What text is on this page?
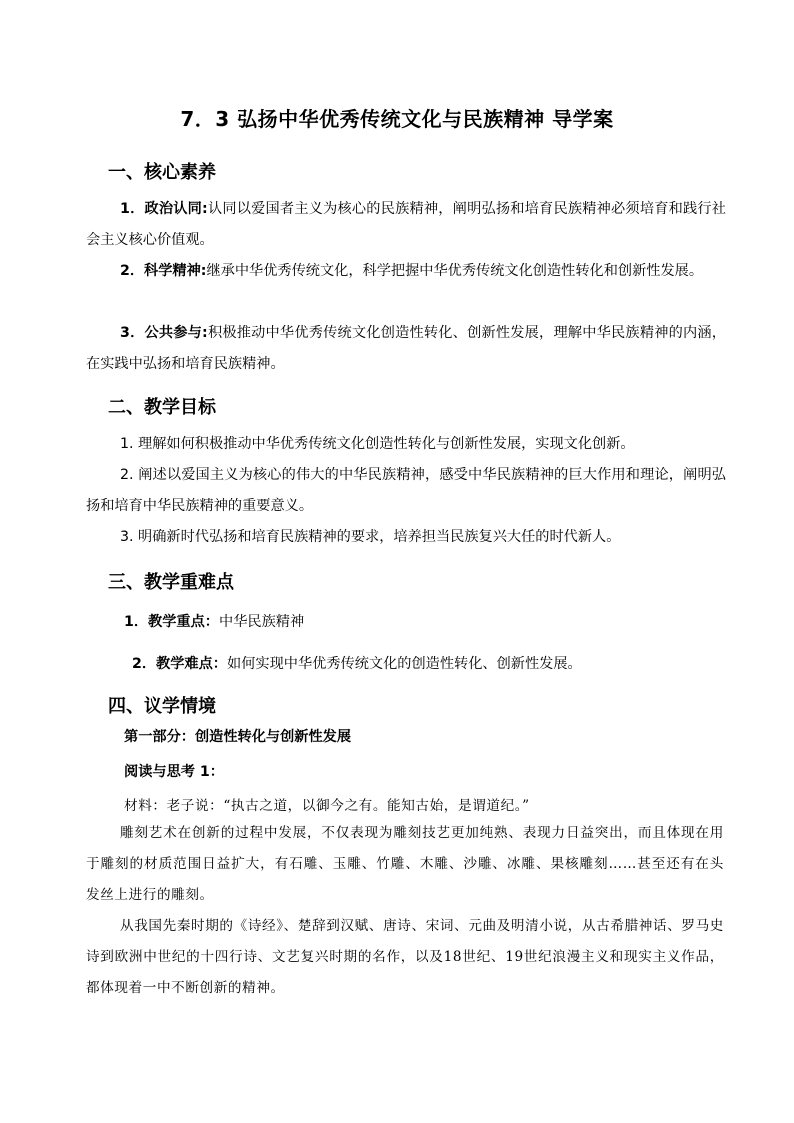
7．3 弘扬中华优秀传统文化与民族精神 导学案
一、核心素养
1．政治认同:认同以爱国者主义为核心的民族精神，阐明弘扬和培育民族精神必须培育和践行社会主义核心价值观。
2．科学精神:继承中华优秀传统文化，科学把握中华优秀传统文化创造性转化和创新性发展。
3．公共参与:积极推动中华优秀传统文化创造性转化、创新性发展，理解中华民族精神的内涵，在实践中弘扬和培育民族精神。
二、教学目标
1. 理解如何积极推动中华优秀传统文化创造性转化与创新性发展，实现文化创新。
2. 阐述以爱国主义为核心的伟大的中华民族精神，感受中华民族精神的巨大作用和理论，阐明弘扬和培育中华民族精神的重要意义。
3. 明确新时代弘扬和培育民族精神的要求，培养担当民族复兴大任的时代新人。
三、教学重难点
1．教学重点：中华民族精神
2．教学难点：如何实现中华优秀传统文化的创造性转化、创新性发展。
四、议学情境
第一部分：创造性转化与创新性发展
阅读与思考 1：
材料：老子说：“执古之道，以御今之有。能知古始，是谓道纪。”
雕刻艺术在创新的过程中发展，不仅表现为雕刻技艺更加纯熟、表现力日益突出，而且体现在用于雕刻的材质范围日益扩大，有石雕、玉雕、竹雕、木雕、沙雕、冰雕、果核雕刻……甚至还有在头发丝上进行的雕刻。
从我国先秦时期的《诗经》、楚辞到汉赋、唐诗、宋词、元曲及明清小说，从古希腊神话、罗马史诗到欧洲中世纪的十四行诗、文艺复兴时期的名作，以及18世纪、19世纪浪漫主义和现实主义作品，都体现着一中不断创新的精神。
